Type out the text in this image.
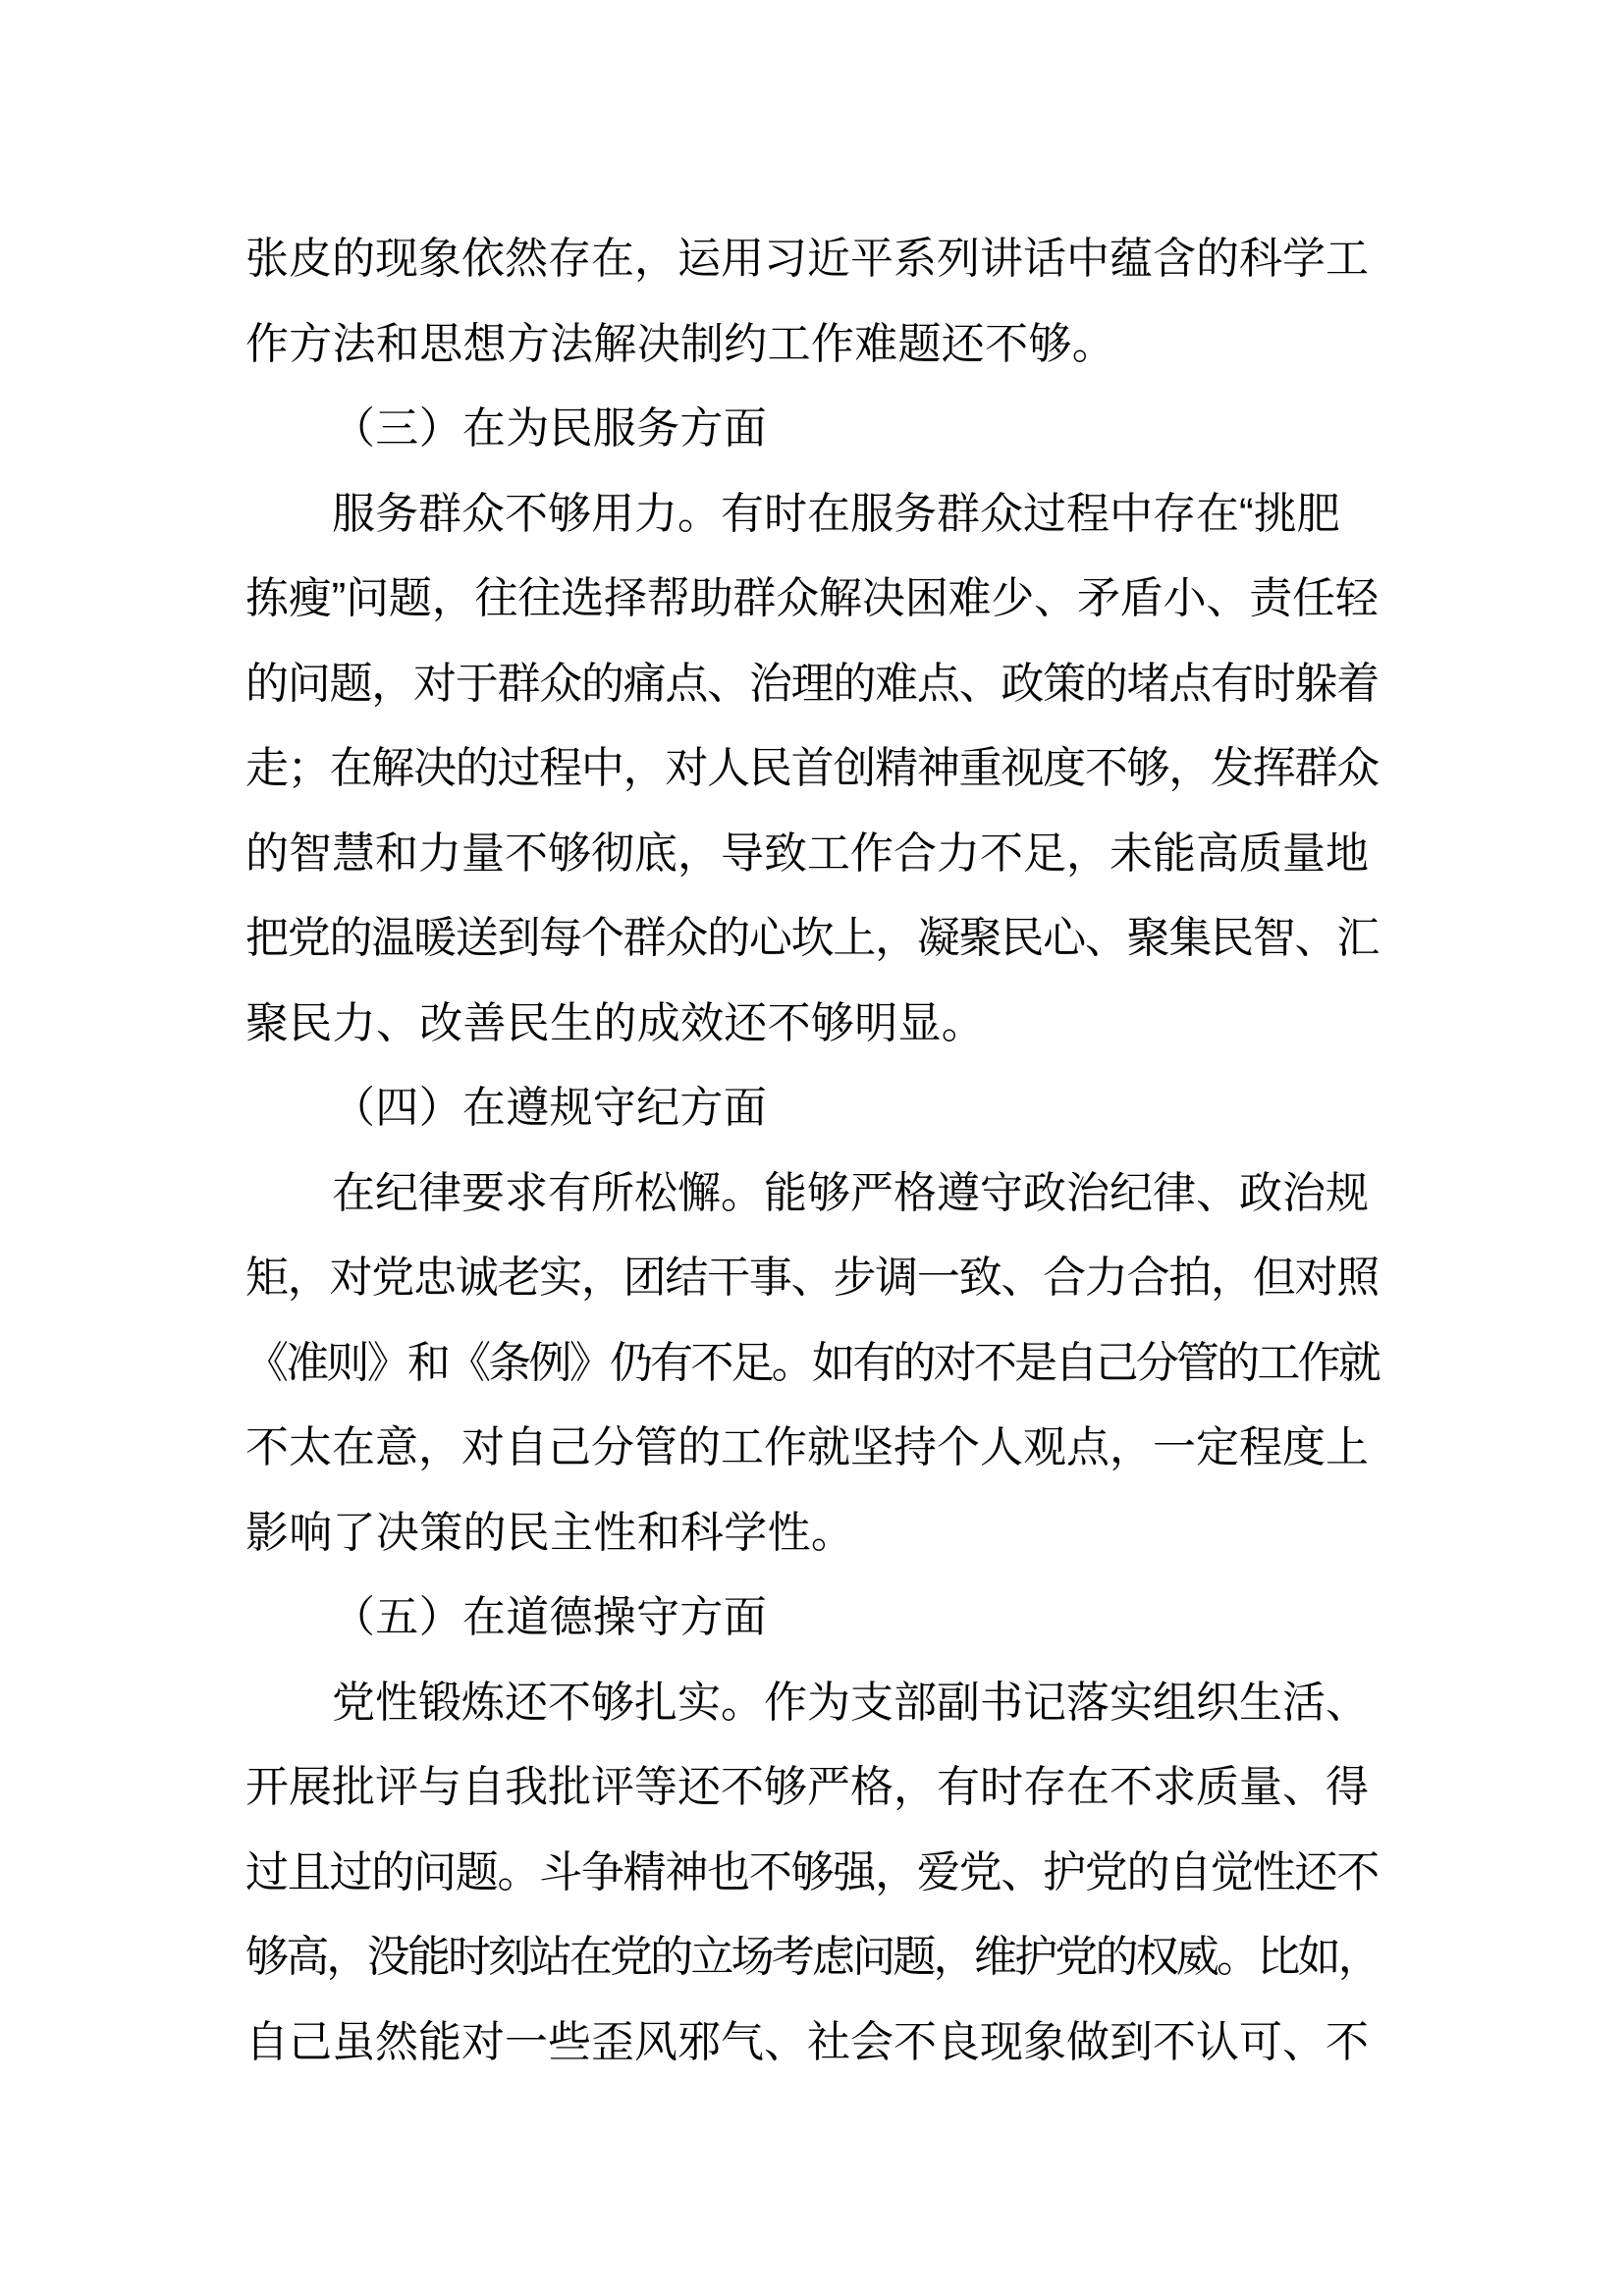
张皮的现象依然存在，运用习近平系列讲话中蕴含的科学工
作方法和思想方法解决制约工作难题还不够。
（三）在为民服务方面
服务群众不够用力。有时在服务群众过程中存在“挑肥
拣瘦”问题，往往选择帮助群众解决困难少、矛盾小、责任轻
的问题，对于群众的痛点、治理的难点、政策的堵点有时躲着
走；在解决的过程中，对人民首创精神重视度不够，发挥群众
的智慧和力量不够彻底，导致工作合力不足，未能高质量地
把党的温暖送到每个群众的心坎上，凝聚民心、聚集民智、汇
聚民力、改善民生的成效还不够明显。
（四）在遵规守纪方面
在纪律要求有所松懈。能够严格遵守政治纪律、政治规
矩，对党忠诚老实，团结干事、步调一致、合力合拍，但对照
《准则》和《条例》仍有不足。如有的对不是自己分管的工作就
不太在意，对自己分管的工作就坚持个人观点，一定程度上
影响了决策的民主性和科学性。
（五）在道德操守方面
党性锻炼还不够扎实。作为支部副书记落实组织生活、
开展批评与自我批评等还不够严格，有时存在不求质量、得
过且过的问题。斗争精神也不够强，爱党、护党的自觉性还不
够高，没能时刻站在党的立场考虑问题，维护党的权威。比如，
自己虽然能对一些歪风邪气、社会不良现象做到不认可、不
